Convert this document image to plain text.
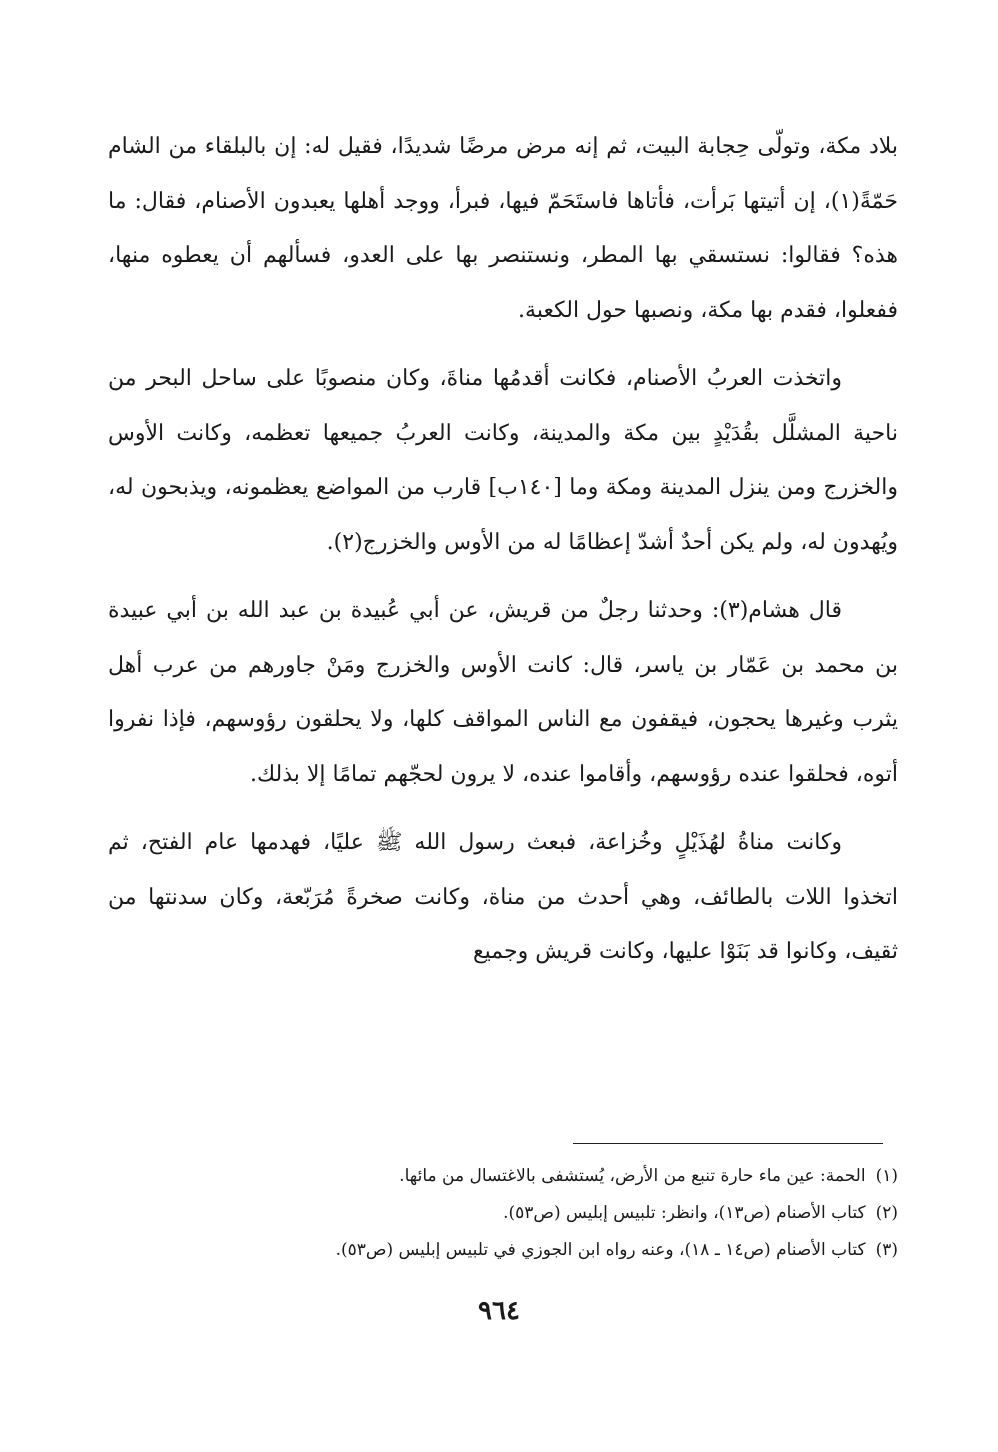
بلاد مكة، وتولّى حِجابة البيت، ثم إنه مرض مرضًا شديدًا، فقيل له: إن بالبلقاء من الشام حَمّةً(١)، إن أتيتها بَرأت، فأتاها فاستَحَمّ فيها، فبرأ، ووجد أهلها يعبدون الأصنام، فقال: ما هذه؟ فقالوا: نستسقي بها المطر، ونستنصر بها على العدو، فسألهم أن يعطوه منها، ففعلوا، فقدم بها مكة، ونصبها حول الكعبة.

واتخذت العربُ الأصنام، فكانت أقدمُها مناةَ، وكان منصوبًا على ساحل البحر من ناحية المشلَّل بقُدَيْدٍ بين مكة والمدينة، وكانت العربُ جميعها تعظمه، وكانت الأوس والخزرج ومن ينزل المدينة ومكة وما [١٤٠ب] قارب من المواضع يعظمونه، ويذبحون له، ويُهدون له، ولم يكن أحدٌ أشدّ إعظامًا له من الأوس والخزرج(٢).

قال هشام(٣): وحدثنا رجلٌ من قريش، عن أبي عُبيدة بن عبد الله بن أبي عبيدة بن محمد بن عَمّار بن ياسر، قال: كانت الأوس والخزرج ومَنْ جاورهم من عرب أهل يثرب وغيرها يحجون، فيقفون مع الناس المواقف كلها، ولا يحلقون رؤوسهم، فإذا نفروا أتوه، فحلقوا عنده رؤوسهم، وأقاموا عنده، لا يرون لحجّهم تمامًا إلا بذلك.

وكانت مناةُ لهُذَيْلٍ وخُزاعة، فبعث رسول الله ﷺ عليًا، فهدمها عام الفتح، ثم اتخذوا اللات بالطائف، وهي أحدث من مناة، وكانت صخرةً مُرَبّعة، وكان سدنتها من ثقيف، وكانوا قد بَنَوْا عليها، وكانت قريش وجميع

(١)الحمة: عين ماء حارة تنبع من الأرض، يُستشفى بالاغتسال من مائها.
(٢)كتاب الأصنام (ص١٣)، وانظر: تلبيس إبليس (ص٥٣).
(٣)كتاب الأصنام (ص١٤ ـ ١٨)، وعنه رواه ابن الجوزي في تلبيس إبليس (ص٥٣).
٩٦٤
